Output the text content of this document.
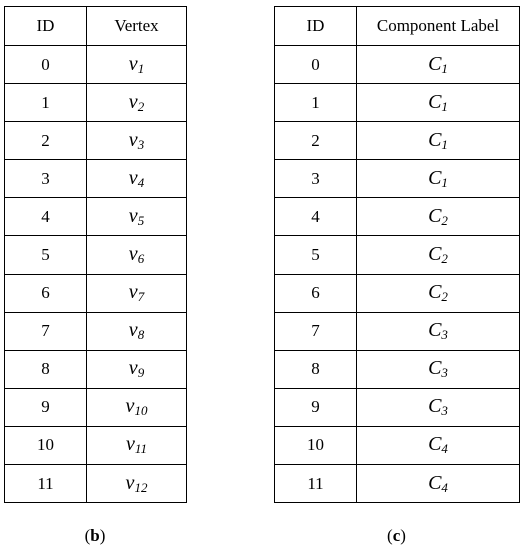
ID	Vertex
0	$v_1$
1	$v_2$
2	$v_3$
3	$v_4$
4	$v_5$
5	$v_6$
6	$v_7$
7	$v_8$
8	$v_9$
9	$v_{10}$
10	$v_{11}$
11	$v_{12}$
ID	Component Label
0	$C_1$
1	$C_1$
2	$C_1$
3	$C_1$
4	$C_2$
5	$C_2$
6	$C_2$
7	$C_3$
8	$C_3$
9	$C_3$
10	$C_4$
11	$C_4$
(b)	(c)
